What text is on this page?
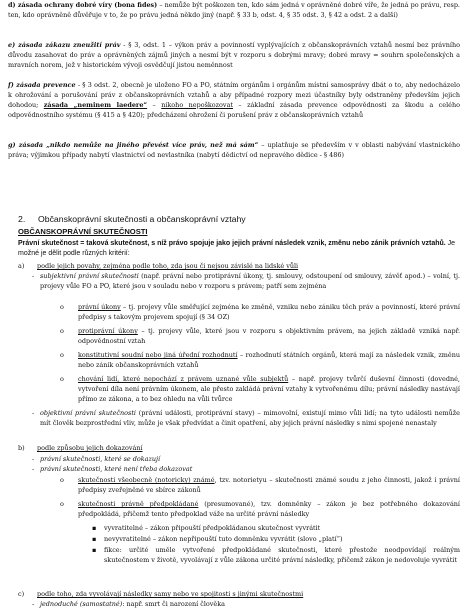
d) zásada ochrany dobré víry (bona fides) – nemůže být poškozen ten, kdo sám jedná v oprávněné dobré víře, že jedná po právu, resp. ten, kdo oprávněně důvěřuje v to, že po právu jedná někdo jiný (např. § 33 b, odst. 4, § 35 odst. 3, § 42 a odst. 2 a další)

e) zásada zákazu zneužití práv - § 3, odst. 1 – výkon práv a povinností vyplývajících z občanskoprávních vztahů nesmí bez právního důvodu zasahovat do práv a oprávněných zájmů jiných a nesmí být v rozporu s dobrými mravy; dobré mravy = souhrn společenských a mravních norem, jež v historickém vývoji osvědčují jistou neměnnost

f) zásada prevence - § 3 odst. 2, obecně je uloženo FO a PO, státním orgánům i orgánům místní samosprávy dbát o to, aby nedocházelo k ohrožování a porušování práv z občanskoprávních vztahů a aby případné rozpory mezi účastníky byly odstraněny především jejich dohodou; zásada „neminem laedere“ – nikoho nepoškozovat – základní zásada prevence odpovědnosti za škodu a celého odpovědnostního systému (§ 415 a § 420); předcházení ohrožení či porušení práv z občanskoprávních vztahů

g) zásada „nikdo nemůže na jiného převést více práv, než má sám“ – uplatňuje se především v v oblasti nabývání vlastnického práva; výjimkou případy nabytí vlastnictví od nevlastníka (nabytí dědictví od nepravého dědice - § 486)

2. Občanskoprávní skutečnosti a občanskoprávní vztahy
OBČANSKOPRÁVNÍ SKUTEČNOSTI
Právní skutečnost = taková skutečnost, s níž právo spojuje jako jejich právní následek vznik, změnu nebo zánik právních vztahů. Je možné je dělit podle různých kritérií:
a) podle jejich povahy, zejména podle toho, zda jsou či nejsou závislé na lidské vůli
- subjektivní právní skutečnosti (např. právní nebo protiprávní úkony, tj. smlouvy, odstoupení od smlouvy, závěť apod.) – volní, tj. projevy vůle FO a PO, které jsou v souladu nebo v rozporu s právem; patří sem zejména
o právní úkony – tj. projevy vůle směřující zejména ke změně, vzniku nebo zániku těch práv a povinností, které právní předpisy s takovým projevem spojují (§ 34 OZ)
o protiprávní úkony – tj. projevy vůle, které jsou v rozporu s objektivním právem, na jejich základě vzniká např. odpovědnostní vztah
o konstitutivní soudní nebo jiná úřední rozhodnutí – rozhodnutí státních orgánů, která mají za následek vznik, změnu nebo zánik občanskoprávních vztahů
o chování lidí, které nepochází z právem uznané vůle subjektů – např. projevy tvůrčí duševní činnosti (dovedné, vytvoření díla není právním úkonem, ale přesto zakládá právní vztahy k vytvořenému dílu; právní následky nastávají přímo ze zákona, a to bez ohledu na vůli tvůrce
- objektivní právní skutečnosti (právní události, protiprávní stavy) – mimovolní, existují mimo vůli lidí; na tyto události nemůže mít člověk bezprostřední vliv, může je však předvídat a činit opatření, aby jejich právní následky s nimi spojené nenastaly
b) podle způsobu jejich dokazování
- právní skutečnosti, které se dokazují
- právní skutečnosti, které není třeba dokazovat
o skutečnosti všeobecně (notoricky) známé, tzv. notorietyu – skutečnosti známé soudu z jeho činnosti, jakož i právní předpisy zveřejněné ve sbírce zákonů
o skutečnosti právně předpokládané (presumované), tzv. domněnky – zákon je bez potřebného dokazování předpokládá, přičemž tento předpoklad váže na určité právní následky
▪ vyvratitelné – zákon připouští předpokládanou skutečnost vyvrátit
▪ nevyvratitelné – zákon nepřipouští tuto domněnku vyvrátit (slovo „platí“)
▪ fikce: určité uměle vytvořené předpokládané skutečnosti, které přestože neodpovídají reálným skutečnostem v životě, vyvolávají z vůle zákona určité právní následky, přičemž zákon je nedovoluje vyvrátit
c) podle toho, zda vyvolávají následky samy nebo ve spojitosti s jinými skutečnostmi
- jednoduché (samostatné): např. smrt či narození člověka
